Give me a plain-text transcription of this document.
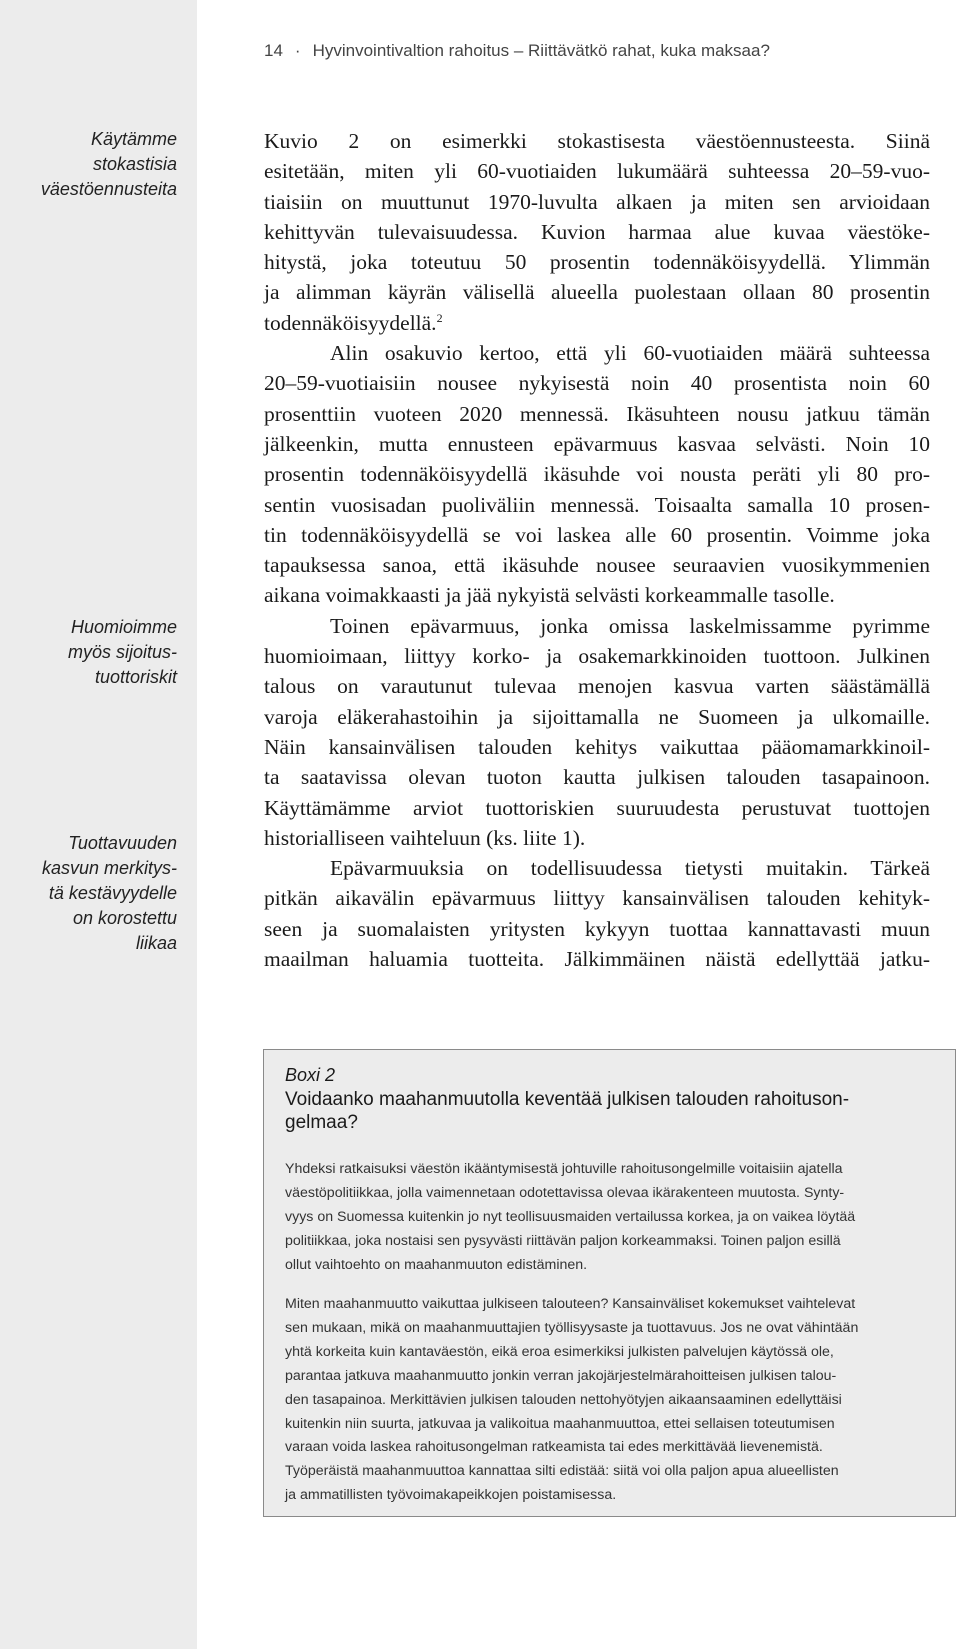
Käytämme
stokastisia
väestöennusteita
Huomioimme
myös sijoitus-
tuottoriskit
Tuottavuuden
kasvun merkitys-
tä kestävyydelle
on korostettu
liikaa
14 · Hyvinvointivaltion rahoitus – Riittävätkö rahat, kuka maksaa?
Kuvio 2 on esimerkki stokastisesta väestöennusteesta. Siinä
esitetään, miten yli 60-vuotiaiden lukumäärä suhteessa 20–59-vuo-
tiaisiin on muuttunut 1970-luvulta alkaen ja miten sen arvioidaan
kehittyvän tulevaisuudessa. Kuvion harmaa alue kuvaa väestöke-
hitystä, joka toteutuu 50 prosentin todennäköisyydellä. Ylimmän
ja alimman käyrän välisellä alueella puolestaan ollaan 80 prosentin
todennäköisyydellä.$^2$
Alin osakuvio kertoo, että yli 60-vuotiaiden määrä suhteessa
20–59-vuotiaisiin nousee nykyisestä noin 40 prosentista noin 60
prosenttiin vuoteen 2020 mennessä. Ikäsuhteen nousu jatkuu tämän
jälkeenkin, mutta ennusteen epävarmuus kasvaa selvästi. Noin 10
prosentin todennäköisyydellä ikäsuhde voi nousta peräti yli 80 pro-
sentin vuosisadan puoliväliin mennessä. Toisaalta samalla 10 prosen-
tin todennäköisyydellä se voi laskea alle 60 prosentin. Voimme joka
tapauksessa sanoa, että ikäsuhde nousee seuraavien vuosikymmenien
aikana voimakkaasti ja jää nykyistä selvästi korkeammalle tasolle.
Toinen epävarmuus, jonka omissa laskelmissamme pyrimme
huomioimaan, liittyy korko- ja osakemarkkinoiden tuottoon. Julkinen
talous on varautunut tulevaa menojen kasvua varten säästämällä
varoja eläkerahastoihin ja sijoittamalla ne Suomeen ja ulkomaille.
Näin kansainvälisen talouden kehitys vaikuttaa pääomamarkkinoil-
ta saatavissa olevan tuoton kautta julkisen talouden tasapainoon.
Käyttämämme arviot tuottoriskien suuruudesta perustuvat tuottojen
historialliseen vaihteluun (ks. liite 1).
Epävarmuuksia on todellisuudessa tietysti muitakin. Tärkeä
pitkän aikavälin epävarmuus liittyy kansainvälisen talouden kehityk-
seen ja suomalaisten yritysten kykyyn tuottaa kannattavasti muun
maailman haluamia tuotteita. Jälkimmäinen näistä edellyttää jatku-
Boxi 2
Voidaanko maahanmuutolla keventää julkisen talouden rahoituson-
gelmaa?
Yhdeksi ratkaisuksi väestön ikääntymisestä johtuville rahoitusongelmille voitaisiin ajatella
väestöpolitiikkaa, jolla vaimennetaan odotettavissa olevaa ikärakenteen muutosta. Synty-
vyys on Suomessa kuitenkin jo nyt teollisuusmaiden vertailussa korkea, ja on vaikea löytää
politiikkaa, joka nostaisi sen pysyvästi riittävän paljon korkeammaksi. Toinen paljon esillä
ollut vaihtoehto on maahanmuuton edistäminen.
Miten maahanmuutto vaikuttaa julkiseen talouteen? Kansainväliset kokemukset vaihtelevat
sen mukaan, mikä on maahanmuuttajien työllisyysaste ja tuottavuus. Jos ne ovat vähintään
yhtä korkeita kuin kantaväestön, eikä eroa esimerkiksi julkisten palvelujen käytössä ole,
parantaa jatkuva maahanmuutto jonkin verran jakojärjestelmärahoitteisen julkisen talou-
den tasapainoa. Merkittävien julkisen talouden nettohyötyjen aikaansaaminen edellyttäisi
kuitenkin niin suurta, jatkuvaa ja valikoitua maahanmuuttoa, ettei sellaisen toteutumisen
varaan voida laskea rahoitusongelman ratkeamista tai edes merkittävää lievenemistä.
Työperäistä maahanmuuttoa kannattaa silti edistää: siitä voi olla paljon apua alueellisten
ja ammatillisten työvoimakapeikkojen poistamisessa.
